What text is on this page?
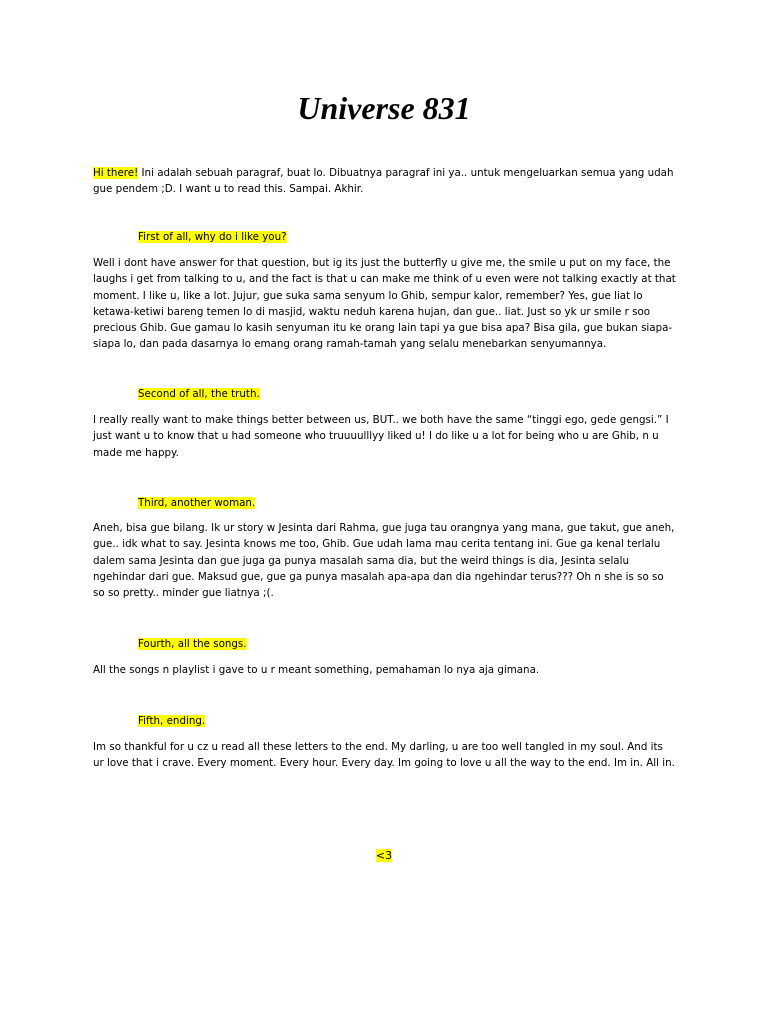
Universe 831

Hi there! Ini adalah sebuah paragraf, buat lo. Dibuatnya paragraf ini ya.. untuk mengeluarkan semua yang udah gue pendem ;D. I want u to read this. Sampai. Akhir.

First of all, why do i like you?

Well i dont have answer for that question, but ig its just the butterfly u give me, the smile u put on my face, the laughs i get from talking to u, and the fact is that u can make me think of u even were not talking exactly at that moment. I like u, like a lot. Jujur, gue suka sama senyum lo Ghib, sempur kalor, remember? Yes, gue liat lo ketawa-ketiwi bareng temen lo di masjid, waktu neduh karena hujan, dan gue.. liat. Just so yk ur smile r soo precious Ghib. Gue gamau lo kasih senyuman itu ke orang lain tapi ya gue bisa apa? Bisa gila, gue bukan siapa-siapa lo, dan pada dasarnya lo emang orang ramah-tamah yang selalu menebarkan senyumannya.

Second of all, the truth.

I really really want to make things better between us, BUT.. we both have the same “tinggi ego, gede gengsi.” I just want u to know that u had someone who truuuulllyy liked u! I do like u a lot for being who u are Ghib, n u made me happy.

Third, another woman.

Aneh, bisa gue bilang. Ik ur story w Jesinta dari Rahma, gue juga tau orangnya yang mana, gue takut, gue aneh, gue.. idk what to say. Jesinta knows me too, Ghib. Gue udah lama mau cerita tentang ini. Gue ga kenal terlalu dalem sama Jesinta dan gue juga ga punya masalah sama dia, but the weird things is dia, Jesinta selalu ngehindar dari gue. Maksud gue, gue ga punya masalah apa-apa dan dia ngehindar terus??? Oh n she is so so so so pretty.. minder gue liatnya ;(.

Fourth, all the songs.

All the songs n playlist i gave to u r meant something, pemahaman lo nya aja gimana.

Fifth, ending.

Im so thankful for u cz u read all these letters to the end. My darling, u are too well tangled in my soul. And its ur love that i crave. Every moment. Every hour. Every day. Im going to love u all the way to the end. Im in. All in.

<3
